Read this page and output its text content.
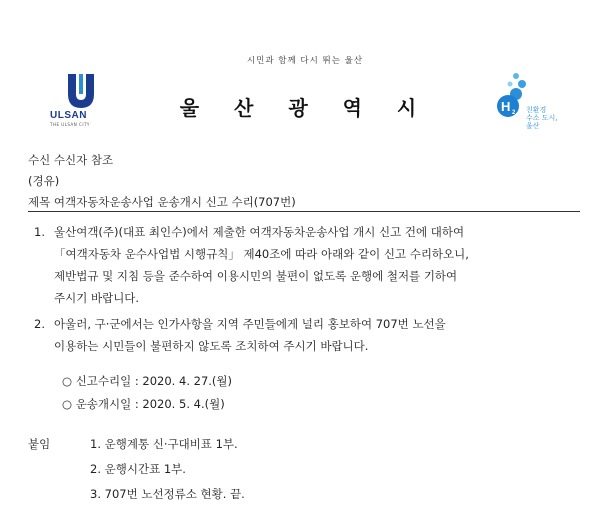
시민과 함께 다시 뛰는 울산
ULSAN
THE ULSAN CITY
울 산 광 역 시	H 2 친환경
수소 도시,
울산
수신 수신자 참조
(경유)
제목 여객자동차운송사업 운송개시 신고 수리(707번)
1. 울산여객(주)(대표 최인수)에서 제출한 여객자동차운송사업 개시 신고 건에 대하여
「여객자동차 운수사업법 시행규칙」 제40조에 따라 아래와 같이 신고 수리하오니,
제반법규 및 지침 등을 준수하여 이용시민의 불편이 없도록 운행에 철저를 기하여
주시기 바랍니다.
2. 아울러, 구·군에서는 인가사항을 지역 주민들에게 널리 홍보하여 707번 노선을
이용하는 시민들이 불편하지 않도록 조치하여 주시기 바랍니다.
○ 신고수리일 : 2020. 4. 27.(월)
○ 운송개시일 : 2020. 5. 4.(월)
붙임	1. 운행계통 신·구대비표 1부.
2. 운행시간표 1부.
3. 707번 노선정류소 현황. 끝.
